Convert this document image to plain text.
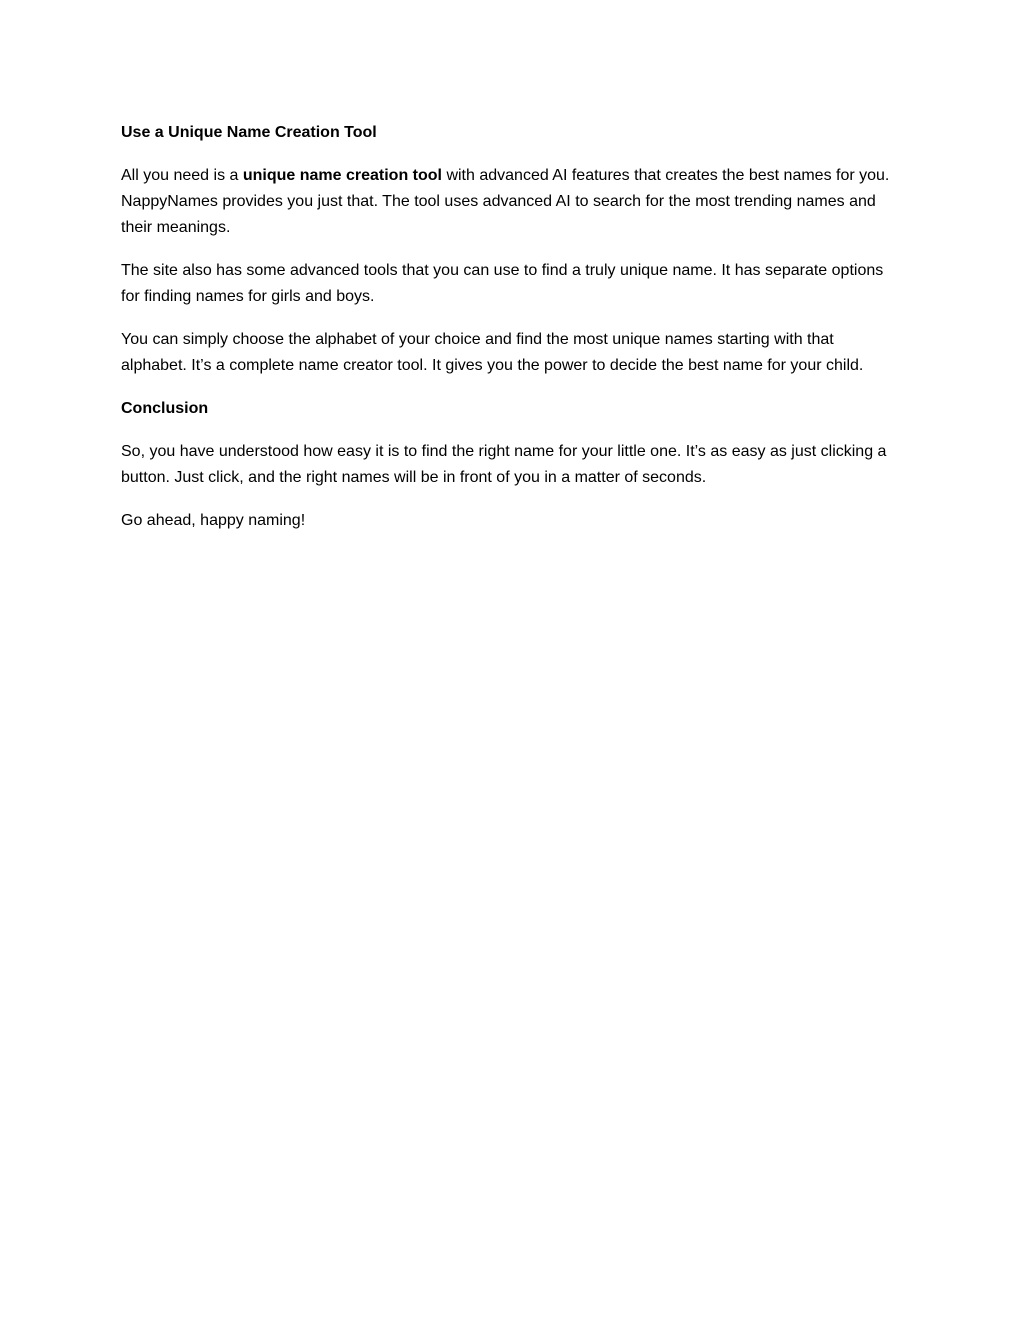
Use a Unique Name Creation Tool

All you need is a unique name creation tool with advanced AI features that creates the best names for you. NappyNames provides you just that. The tool uses advanced AI to search for the most trending names and their meanings.

The site also has some advanced tools that you can use to find a truly unique name. It has separate options for finding names for girls and boys.

You can simply choose the alphabet of your choice and find the most unique names starting with that alphabet. It’s a complete name creator tool. It gives you the power to decide the best name for your child.

Conclusion

So, you have understood how easy it is to find the right name for your little one. It’s as easy as just clicking a button. Just click, and the right names will be in front of you in a matter of seconds.

Go ahead, happy naming!
